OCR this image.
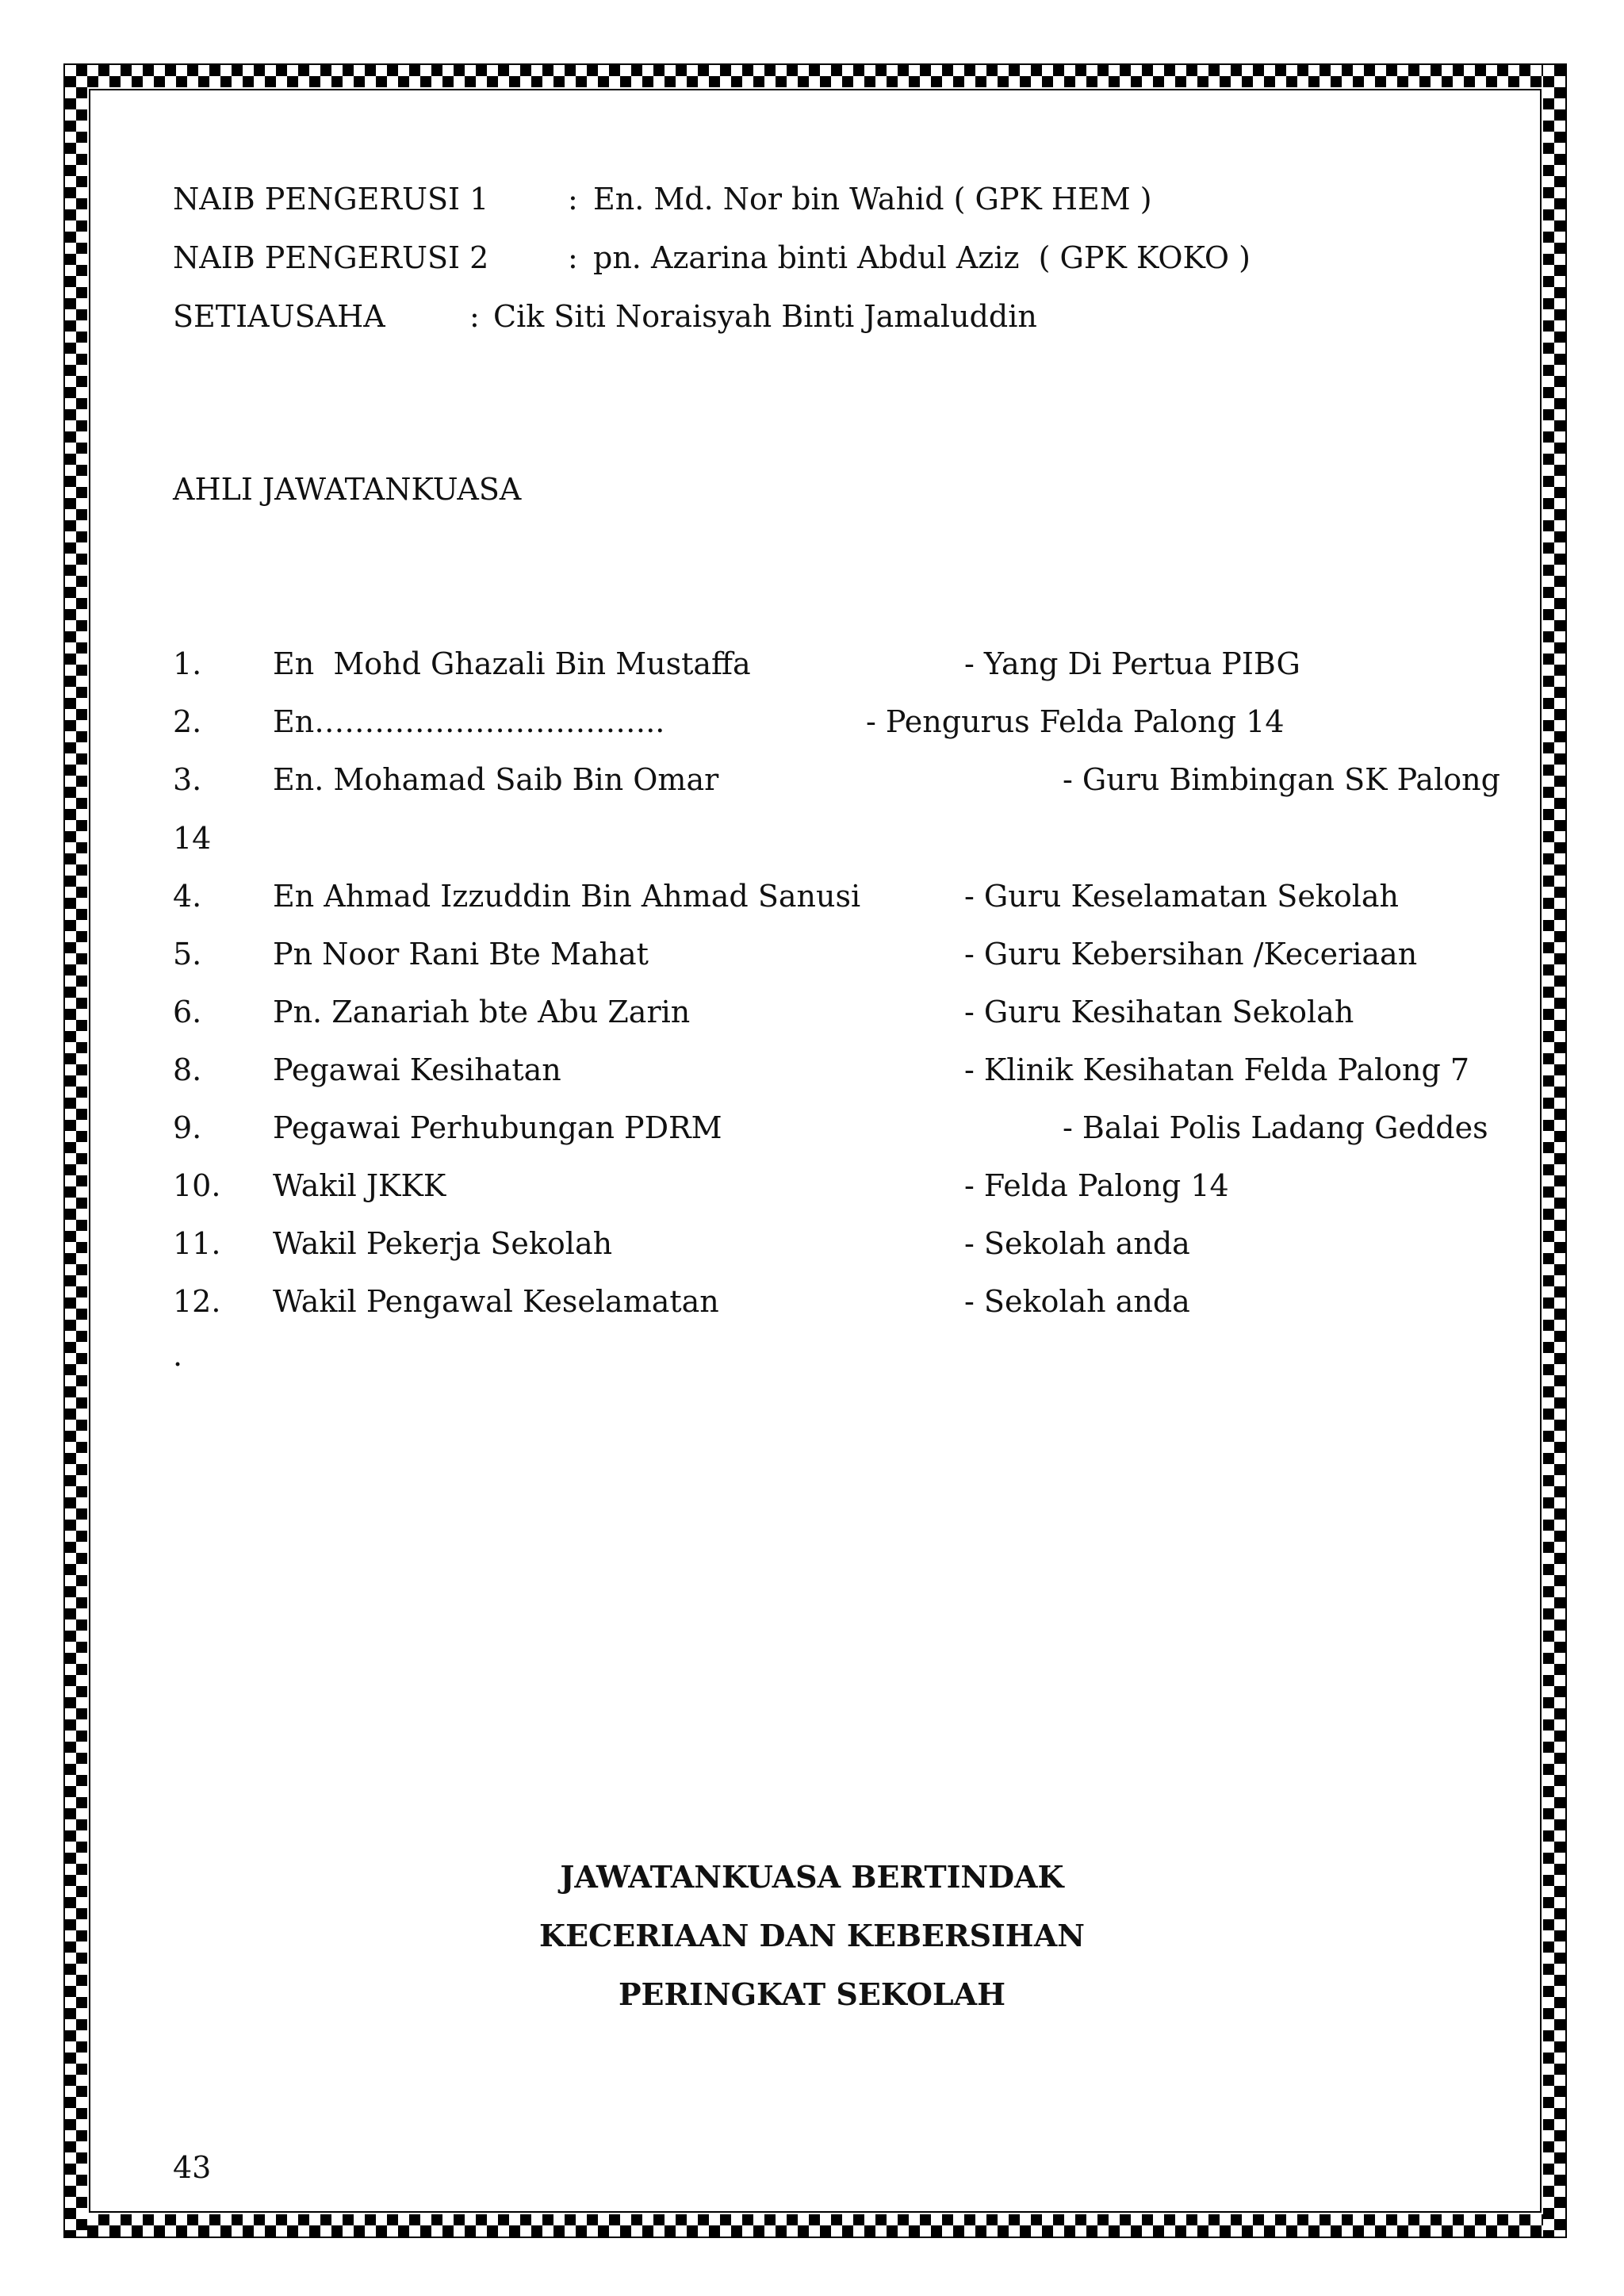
NAIB PENGERUSI 1	: En. Md. Nor bin Wahid ( GPK HEM )
NAIB PENGERUSI 2	: pn. Azarina binti Abdul Aziz  ( GPK KOKO )
SETIAUSAHA	: Cik Siti Noraisyah Binti Jamaluddin
AHLI JAWATANKUASA
1. En  Mohd Ghazali Bin Mustaffa	- Yang Di Pertua PIBG
2. En……………………………..	- Pengurus Felda Palong 14
3. En. Mohamad Saib Bin Omar	- Guru Bimbingan SK Palong
14
4. En Ahmad Izzuddin Bin Ahmad Sanusi	- Guru Keselamatan Sekolah
5. Pn Noor Rani Bte Mahat	- Guru Kebersihan /Keceriaan
6. Pn. Zanariah bte Abu Zarin	- Guru Kesihatan Sekolah
8. Pegawai Kesihatan	- Klinik Kesihatan Felda Palong 7
9. Pegawai Perhubungan PDRM	- Balai Polis Ladang Geddes
10. Wakil JKKK	- Felda Palong 14
11. Wakil Pekerja Sekolah	- Sekolah anda
12. Wakil Pengawal Keselamatan	- Sekolah anda
.
JAWATANKUASA BERTINDAK
KECERIAAN DAN KEBERSIHAN
PERINGKAT SEKOLAH
43
